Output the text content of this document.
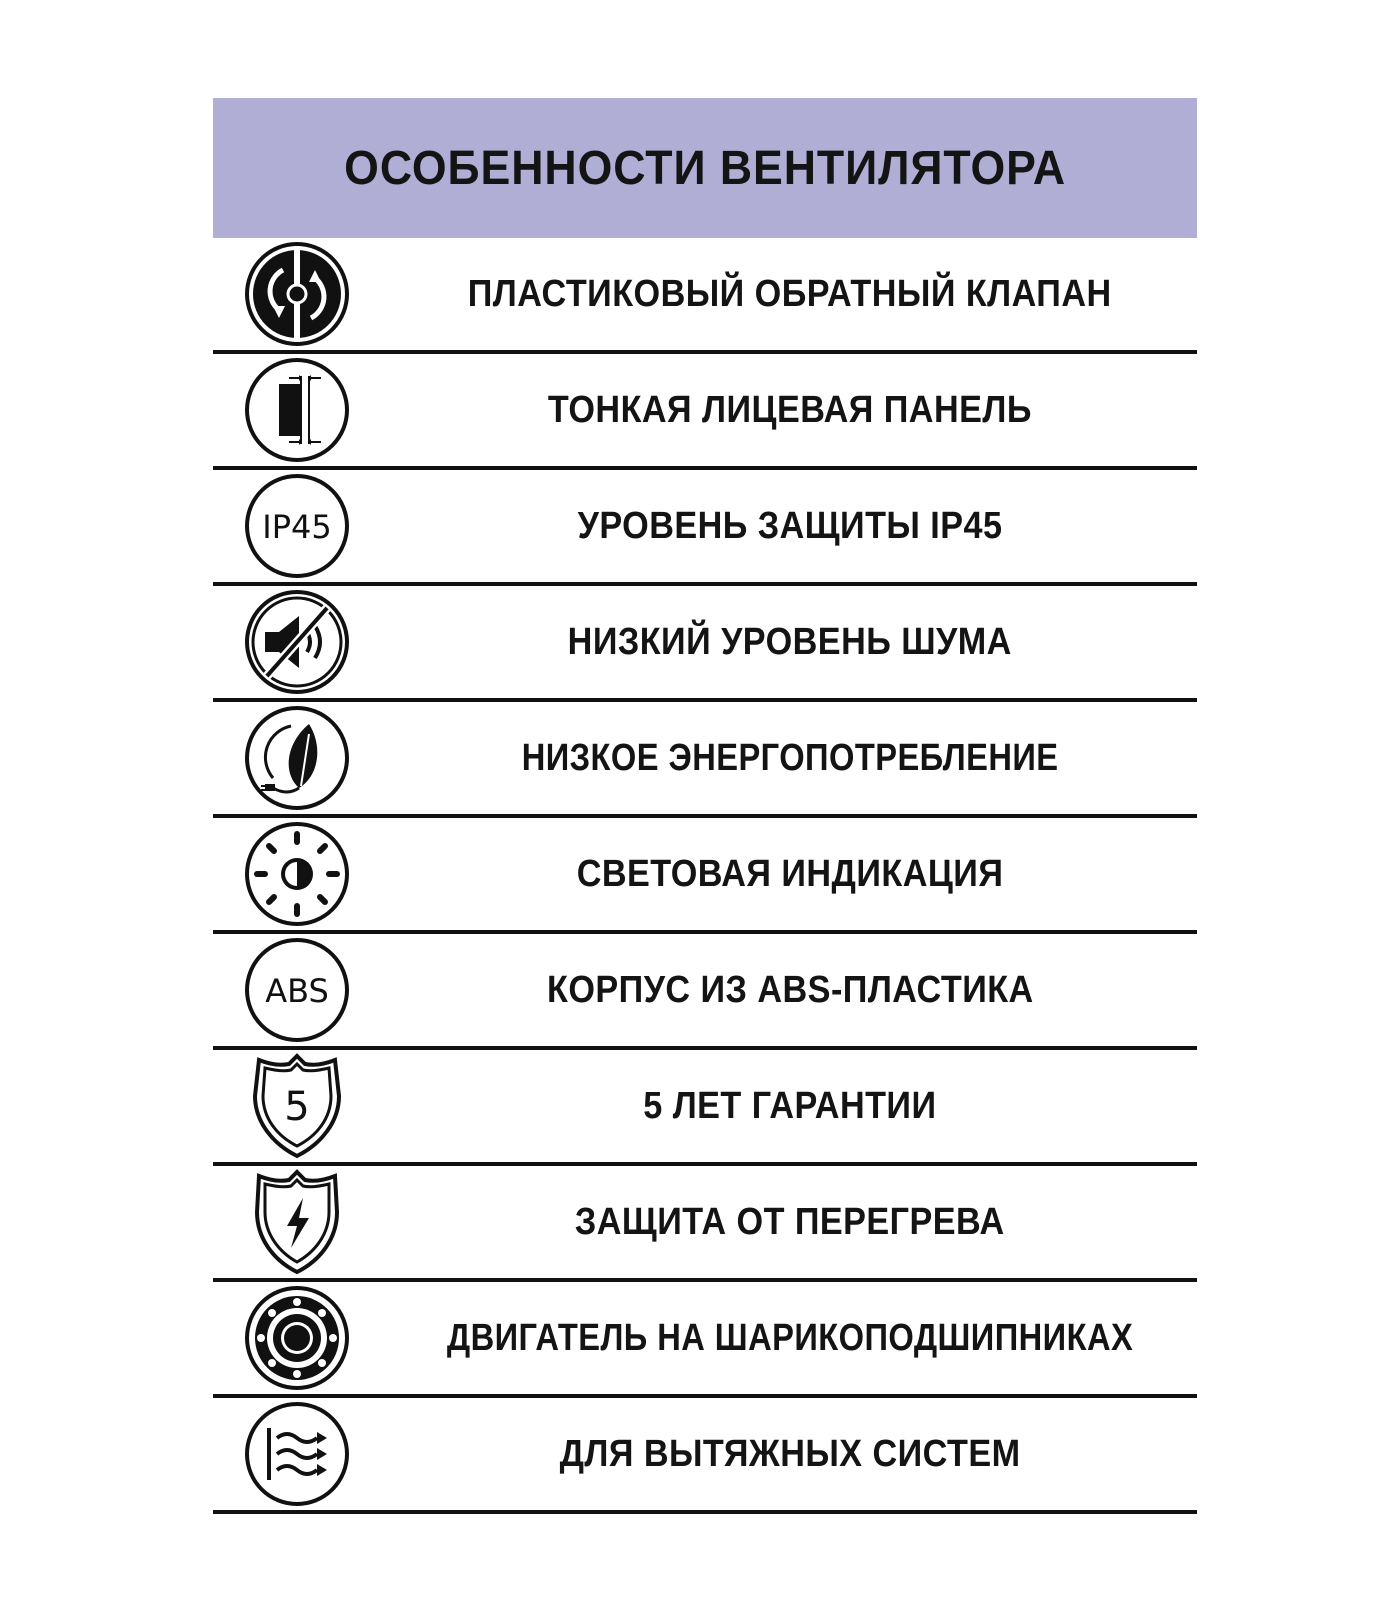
ОСОБЕННОСТИ ВЕНТИЛЯТОРА
ПЛАСТИКОВЫЙ ОБРАТНЫЙ КЛАПАН
ТОНКАЯ ЛИЦЕВАЯ ПАНЕЛЬ
IP45	УРОВЕНЬ ЗАЩИТЫ IP45
НИЗКИЙ УРОВЕНЬ ШУМА
НИЗКОЕ ЭНЕРГОПОТРЕБЛЕНИЕ
СВЕТОВАЯ ИНДИКАЦИЯ
ABS	КОРПУС ИЗ ABS-ПЛАСТИКА
5	5 ЛЕТ ГАРАНТИИ
ЗАЩИТА ОТ ПЕРЕГРЕВА
ДВИГАТЕЛЬ НА ШАРИКОПОДШИПНИКАХ
ДЛЯ ВЫТЯЖНЫХ СИСТЕМ
